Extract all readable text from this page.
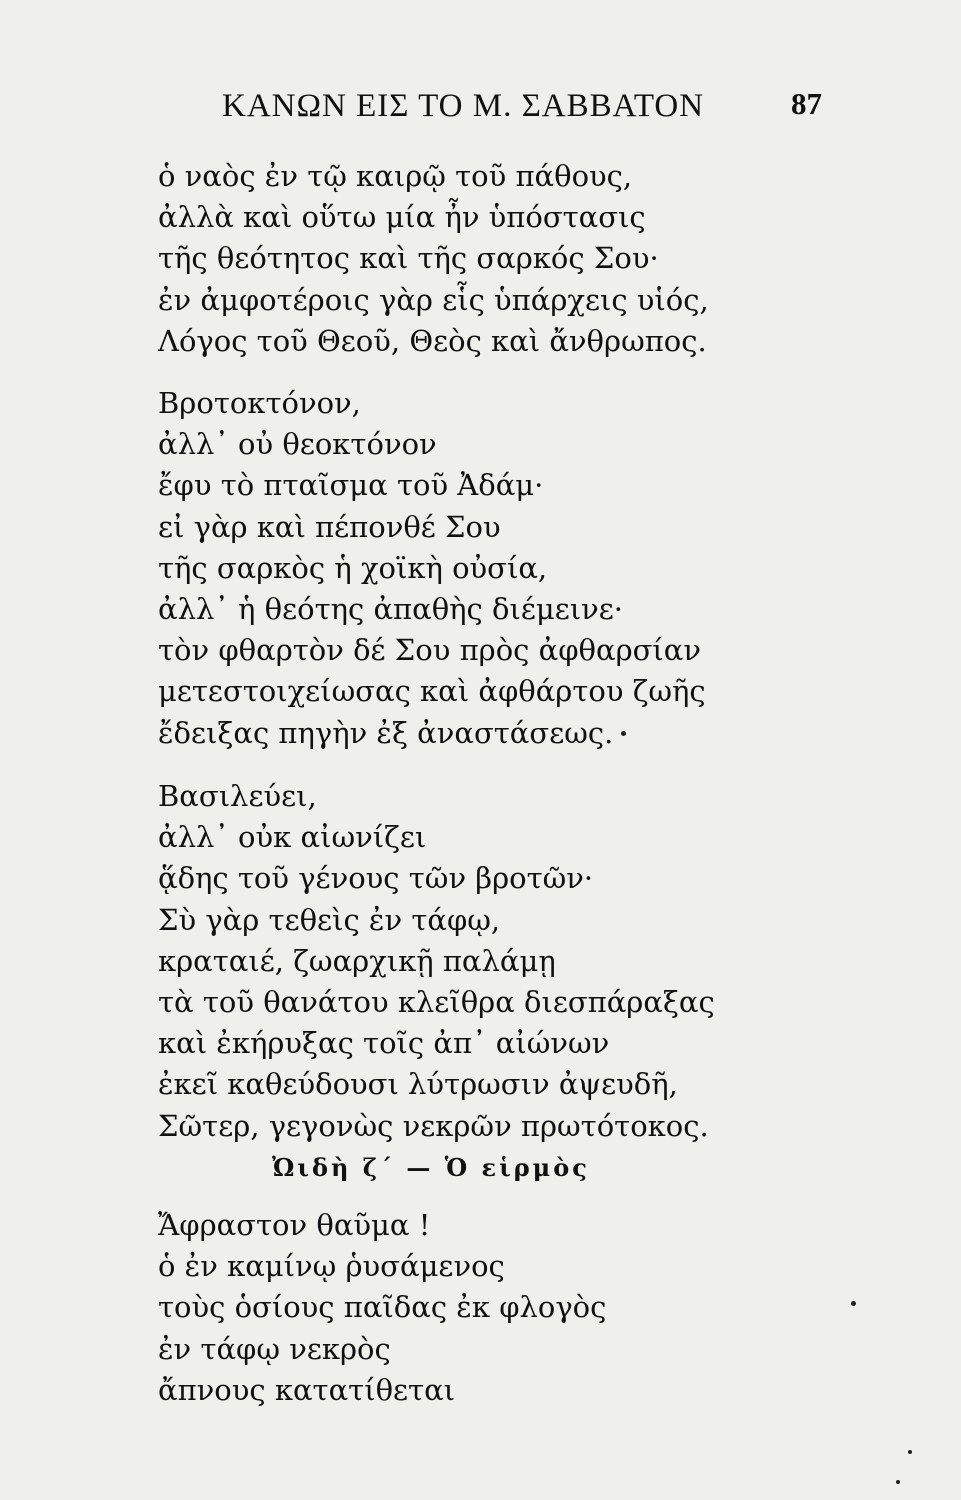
ΚΑΝΩΝ ΕΙΣ ΤΟ Μ. ΣΑΒΒΑΤΟΝ	87
ὁ ναὸς ἐν τῷ καιρῷ τοῦ πάθους,
ἀλλὰ καὶ οὕτω μία ἦν ὑπόστασις
τῆς θεότητος καὶ τῆς σαρκός Σου·
ἐν ἀμφοτέροις γὰρ εἷς ὑπάρχεις υἱός,
Λόγος τοῦ Θεοῦ, Θεὸς καὶ ἄνθρωπος.
Βροτοκτόνον,
ἀλλ᾽ οὐ θεοκτόνον
ἔφυ τὸ πταῖσμα τοῦ Ἀδάμ·
εἰ γὰρ καὶ πέπονθέ Σου
τῆς σαρκὸς ἡ χοϊκὴ οὐσία,
ἀλλ᾽ ἡ θεότης ἀπαθὴς διέμεινε·
τὸν φθαρτὸν δέ Σου πρὸς ἀφθαρσίαν
μετεστοιχείωσας καὶ ἀφθάρτου ζωῆς
ἔδειξας πηγὴν ἐξ ἀναστάσεως.
Βασιλεύει,
ἀλλ᾽ οὐκ αἰωνίζει
ᾅδης τοῦ γένους τῶν βροτῶν·
Σὺ γὰρ τεθεὶς ἐν τάφῳ,
κραταιέ, ζωαρχικῇ παλάμῃ
τὰ τοῦ θανάτου κλεῖθρα διεσπάραξας
καὶ ἐκήρυξας τοῖς ἀπ᾽ αἰώνων
ἐκεῖ καθεύδουσι λύτρωσιν ἀψευδῆ,
Σῶτερ, γεγονὼς νεκρῶν πρωτότοκος.
Ὠιδὴ ζ΄ — Ὁ εἱρμὸς
Ἄφραστον θαῦμα !
ὁ ἐν καμίνῳ ῥυσάμενος
τοὺς ὁσίους παῖδας ἐκ φλογὸς
ἐν τάφῳ νεκρὸς
ἄπνους κατατίθεται
